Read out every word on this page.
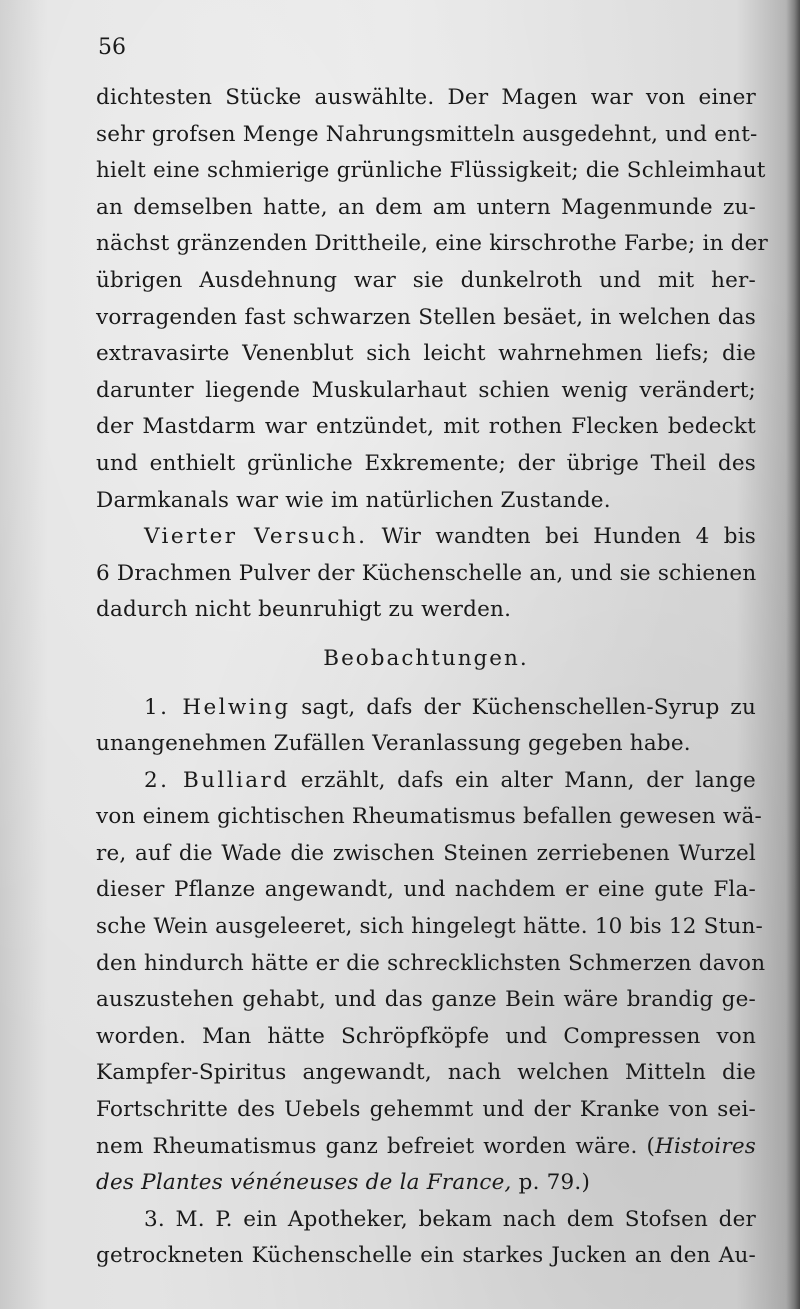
56
dichtesten Stücke auswählte. Der Magen war von einer
sehr grofsen Menge Nahrungsmitteln ausgedehnt, und ent-
hielt eine schmierige grünliche Flüssigkeit; die Schleimhaut
an demselben hatte, an dem am untern Magenmunde zu-
nächst gränzenden Drittheile, eine kirschrothe Farbe; in der
übrigen Ausdehnung war sie dunkelroth und mit her-
vorragenden fast schwarzen Stellen besäet, in welchen das
extravasirte Venenblut sich leicht wahrnehmen liefs; die
darunter liegende Muskularhaut schien wenig verändert;
der Mastdarm war entzündet, mit rothen Flecken bedeckt
und enthielt grünliche Exkremente; der übrige Theil des
Darmkanals war wie im natürlichen Zustande.
Vierter Versuch. Wir wandten bei Hunden 4 bis
6 Drachmen Pulver der Küchenschelle an, und sie schienen
dadurch nicht beunruhigt zu werden.
Beobachtungen.
1. Helwing sagt, dafs der Küchenschellen-Syrup zu
unangenehmen Zufällen Veranlassung gegeben habe.
2. Bulliard erzählt, dafs ein alter Mann, der lange
von einem gichtischen Rheumatismus befallen gewesen wä-
re, auf die Wade die zwischen Steinen zerriebenen Wurzel
dieser Pflanze angewandt, und nachdem er eine gute Fla-
sche Wein ausgeleeret, sich hingelegt hätte. 10 bis 12 Stun-
den hindurch hätte er die schrecklichsten Schmerzen davon
auszustehen gehabt, und das ganze Bein wäre brandig ge-
worden. Man hätte Schröpfköpfe und Compressen von
Kampfer-Spiritus angewandt, nach welchen Mitteln die
Fortschritte des Uebels gehemmt und der Kranke von sei-
nem Rheumatismus ganz befreiet worden wäre. (Histoires
des Plantes vénéneuses de la France, p. 79.)
3. M. P. ein Apotheker, bekam nach dem Stofsen der
getrockneten Küchenschelle ein starkes Jucken an den Au-
